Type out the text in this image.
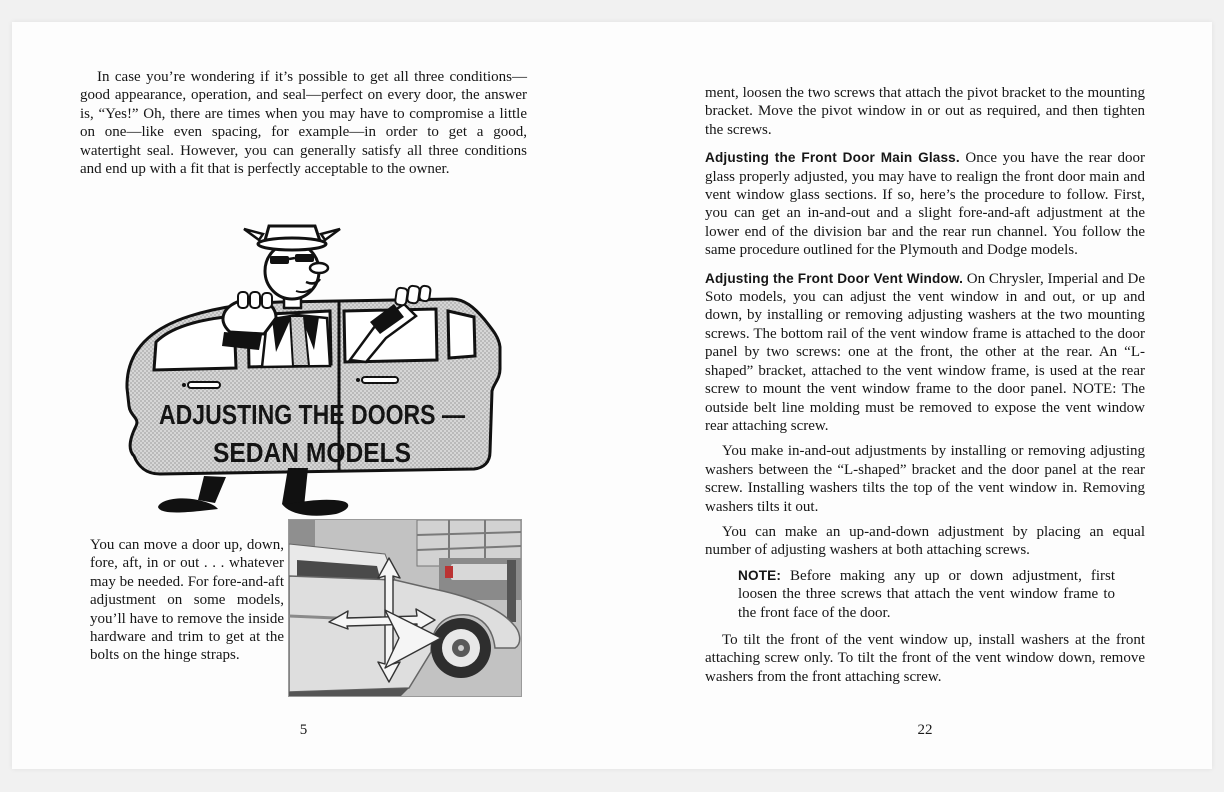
In case you’re wondering if it’s possible to get all three conditions—good appearance, operation, and seal—perfect on every door, the answer is, “Yes!” Oh, there are times when you may have to compromise a little on one—like even spacing, for example—in order to get a good, watertight seal. However, you can generally satisfy all three conditions and end up with a fit that is perfectly acceptable to the owner.
ADJUSTING THE DOORS —
SEDAN MODELS
You can move a door up, down, fore, aft, in or out . . . whatever may be needed. For fore-and-aft adjustment on some models, you’ll have to remove the inside hardware and trim to get at the bolts on the hinge straps.
5

ment, loosen the two screws that attach the pivot bracket to the mounting bracket. Move the pivot window in or out as required, and then tighten the screws.

Adjusting the Front Door Main Glass. Once you have the rear door glass properly adjusted, you may have to realign the front door main and vent window glass sections. If so, here’s the procedure to follow. First, you can get an in-and-out and a slight fore-and-aft adjustment at the lower end of the division bar and the rear run channel. You follow the same procedure outlined for the Plymouth and Dodge models.

Adjusting the Front Door Vent Window. On Chrysler, Imperial and De Soto models, you can adjust the vent window in and out, or up and down, by installing or removing adjusting washers at the two mounting screws. The bottom rail of the vent window frame is attached to the door panel by two screws: one at the front, the other at the rear. An “L-shaped” bracket, attached to the vent window frame, is used at the rear screw to mount the vent window frame to the door panel. NOTE: The outside belt line molding must be removed to expose the vent window rear attaching screw.

You make in-and-out adjustments by installing or removing adjusting washers between the “L-shaped” bracket and the door panel at the rear screw. Installing washers tilts the top of the vent window in. Removing washers tilts it out.

You can make an up-and-down adjustment by placing an equal number of adjusting washers at both attaching screws.

NOTE: Before making any up or down adjustment, first loosen the three screws that attach the vent window frame to the front face of the door.

To tilt the front of the vent window up, install washers at the front attaching screw only. To tilt the front of the vent window down, remove washers from the front attaching screw.

22
